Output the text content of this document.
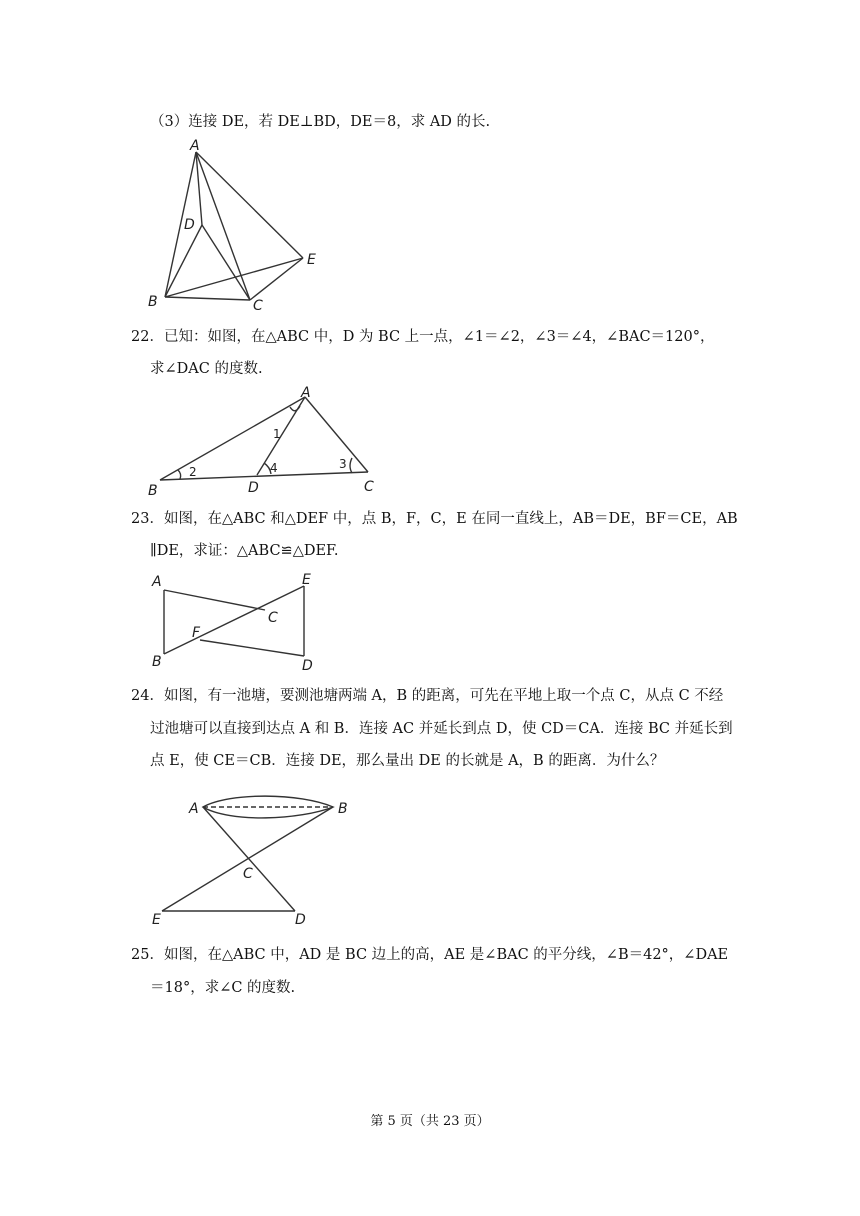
（3）连接 DE，若 DE⊥BD，DE＝8，求 AD 的长.
A
D
E
B	C
22．已知：如图，在△ABC 中，D 为 BC 上一点，∠1＝∠2，∠3＝∠4，∠BAC＝120°，
求∠DAC 的度数.
A
B	D	C
1
2
3
4
23．如图，在△ABC 和△DEF 中，点 B，F，C，E 在同一直线上，AB＝DE，BF＝CE，AB
∥DE，求证：△ABC≌△DEF.
A
B
F
C
E
D
24．如图，有一池塘，要测池塘两端 A，B 的距离，可先在平地上取一个点 C，从点 C 不经
过池塘可以直接到达点 A 和 B．连接 AC 并延长到点 D，使 CD＝CA．连接 BC 并延长到
点 E，使 CE＝CB．连接 DE，那么量出 DE 的长就是 A，B 的距离．为什么？
A	B
C
E	D
25．如图，在△ABC 中，AD 是 BC 边上的高，AE 是∠BAC 的平分线，∠B＝42°，∠DAE
＝18°，求∠C 的度数.
第 5 页（共 23 页）
